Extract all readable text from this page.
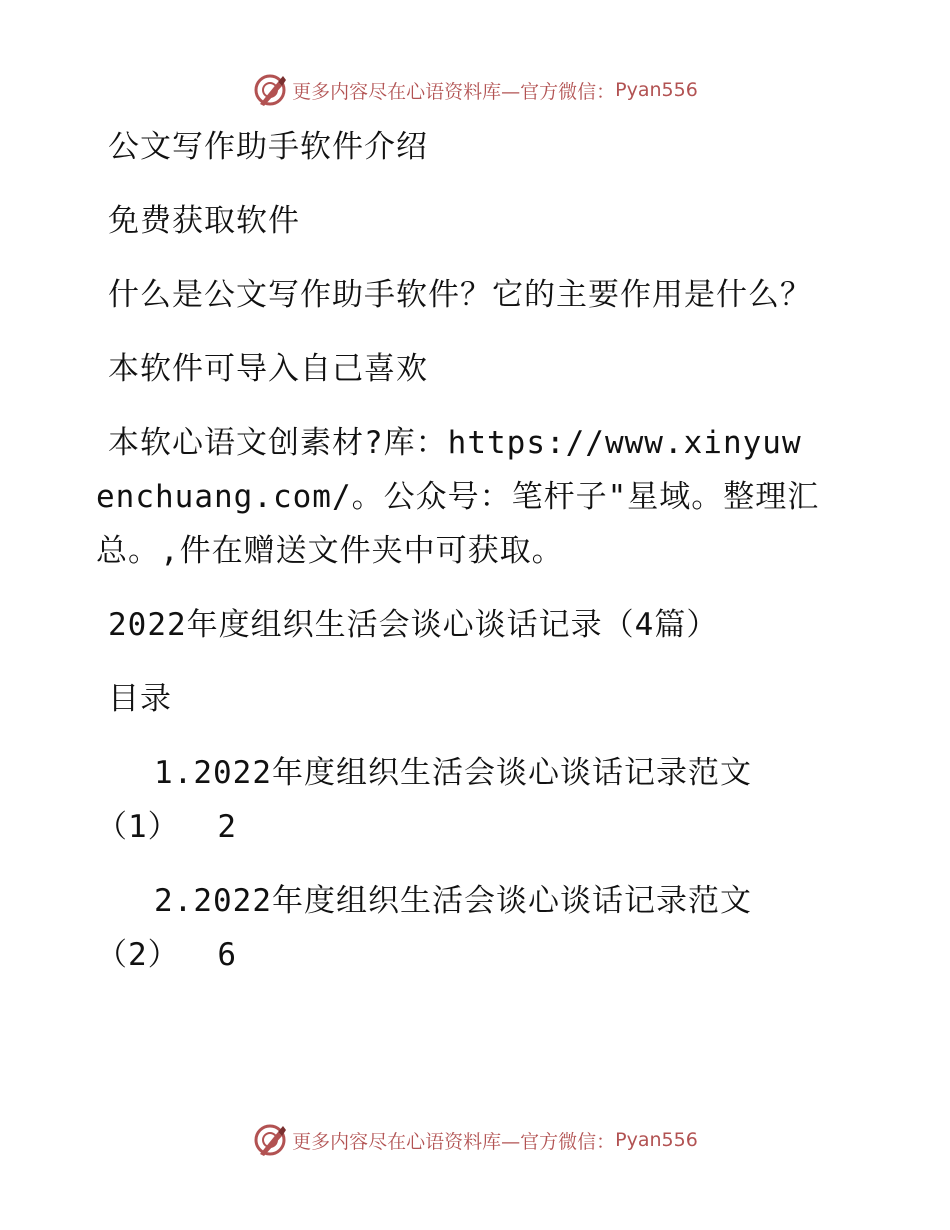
更多内容尽在心语资料库—官方微信： Pyan556

公文写作助手软件介绍

免费获取软件

什么是公文写作助手软件？它的主要作用是什么？

本软件可导入自己喜欢

本软心语文创素材?库：https://www.xinyuwenchuang.com/。公众号：笔杆子"星域。整理汇总。,件在赠送文件夹中可获取。

2022年度组织生活会谈心谈话记录（4篇）

目录

1.2022年度组织生活会谈心谈话记录范文（1） 2

2.2022年度组织生活会谈心谈话记录范文（2） 6

更多内容尽在心语资料库—官方微信： Pyan556
